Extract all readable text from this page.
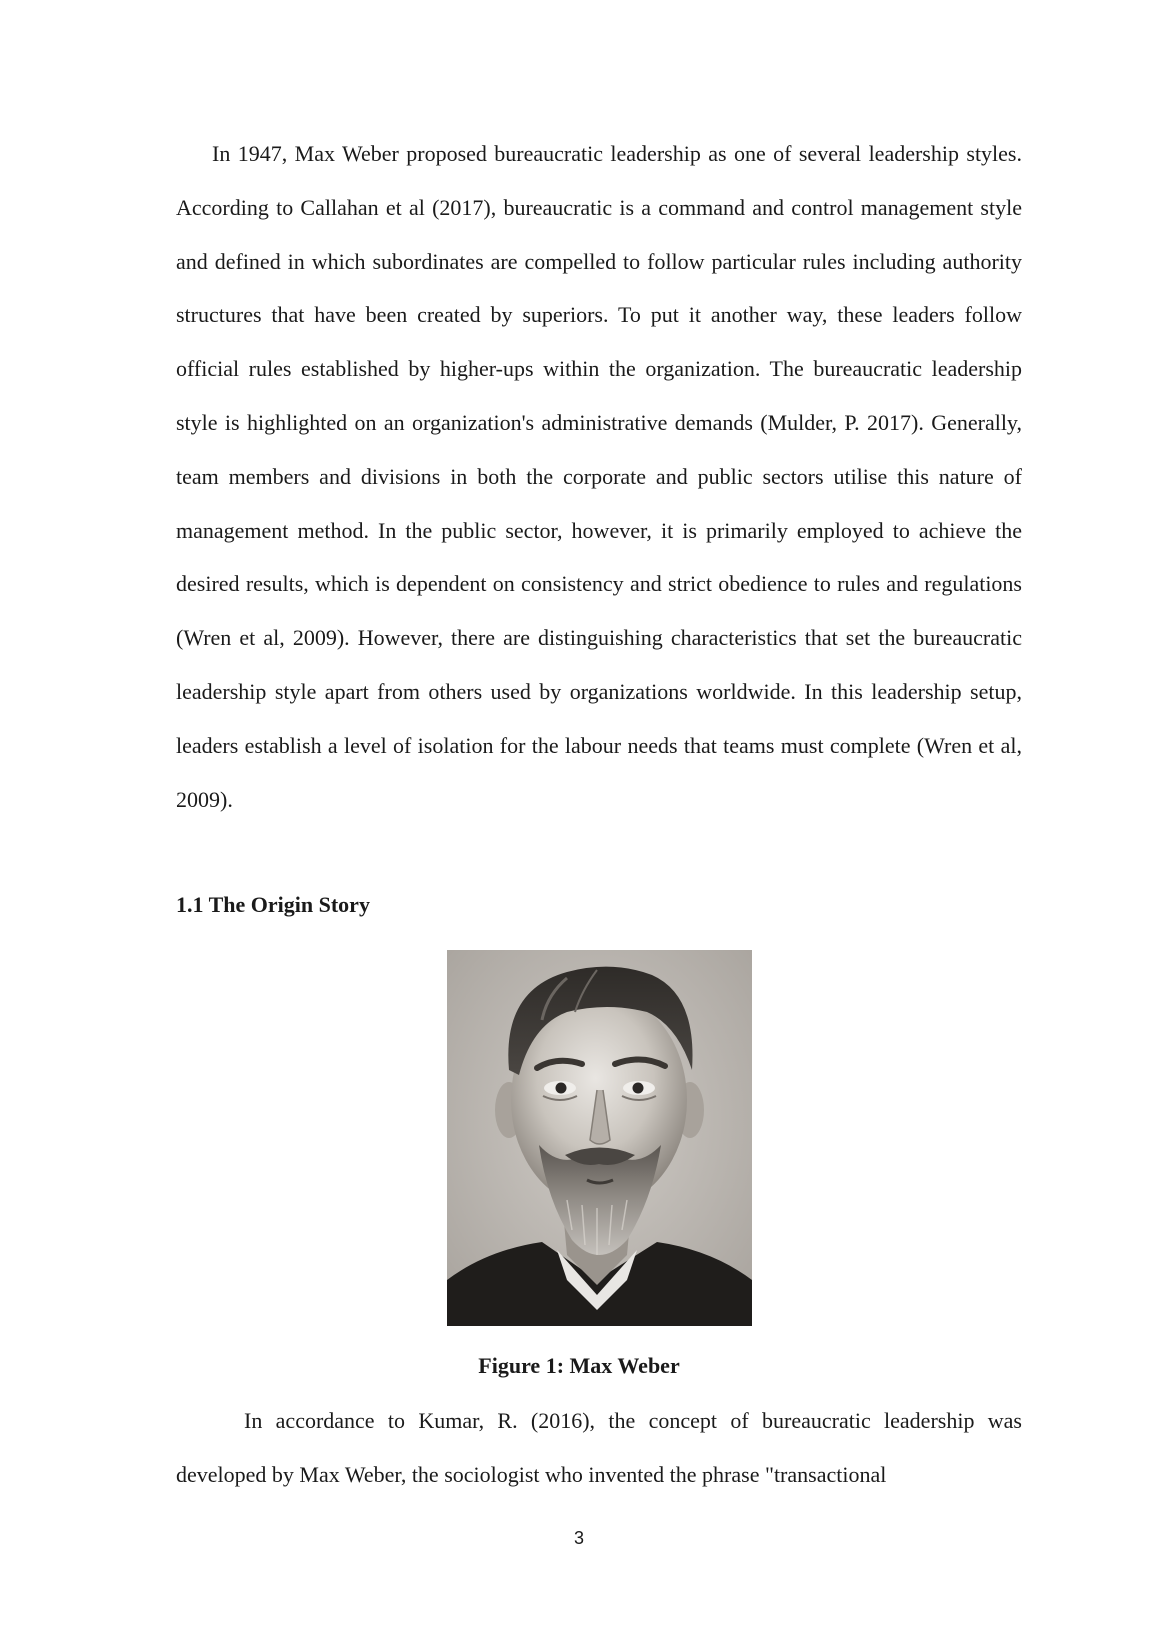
In 1947, Max Weber proposed bureaucratic leadership as one of several leadership styles. According to Callahan et al (2017), bureaucratic is a command and control management style and defined in which subordinates are compelled to follow particular rules including authority structures that have been created by superiors. To put it another way, these leaders follow official rules established by higher-ups within the organization. The bureaucratic leadership style is highlighted on an organization's administrative demands (Mulder, P. 2017). Generally, team members and divisions in both the corporate and public sectors utilise this nature of management method. In the public sector, however, it is primarily employed to achieve the desired results, which is dependent on consistency and strict obedience to rules and regulations (Wren et al, 2009). However, there are distinguishing characteristics that set the bureaucratic leadership style apart from others used by organizations worldwide. In this leadership setup, leaders establish a level of isolation for the labour needs that teams must complete (Wren et al, 2009).

1.1 The Origin Story

Figure 1: Max Weber

In accordance to Kumar, R. (2016), the concept of bureaucratic leadership was developed by Max Weber, the sociologist who invented the phrase "transactional

3
